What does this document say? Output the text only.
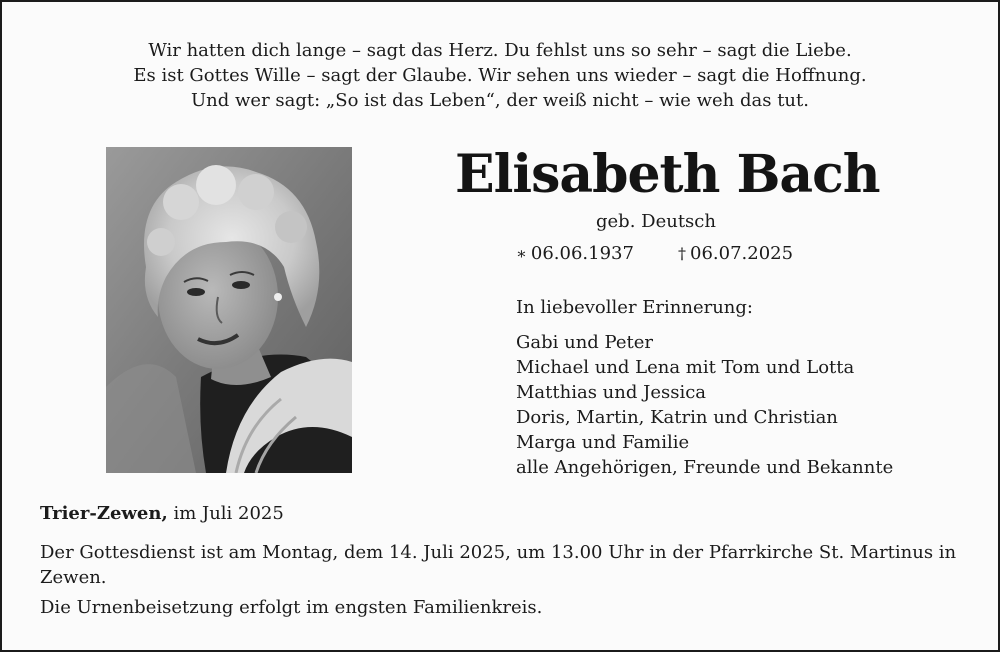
Wir hatten dich lange – sagt das Herz. Du fehlst uns so sehr – sagt die Liebe.
Es ist Gottes Wille – sagt der Glaube. Wir sehen uns wieder – sagt die Hoffnung.
Und wer sagt: „So ist das Leben“, der weiß nicht – wie weh das tut.
Elisabeth Bach
geb. Deutsch
∗ 06.06.1937	† 06.07.2025
In liebevoller Erinnerung:
Gabi und Peter
Michael und Lena mit Tom und Lotta
Matthias und Jessica
Doris, Martin, Katrin und Christian
Marga und Familie
alle Angehörigen, Freunde und Bekannte
Trier-Zewen, im Juli 2025
Der Gottesdienst ist am Montag, dem 14. Juli 2025, um 13.00 Uhr in der Pfarrkirche St. Martinus in Zewen.
Die Urnenbeisetzung erfolgt im engsten Familienkreis.
